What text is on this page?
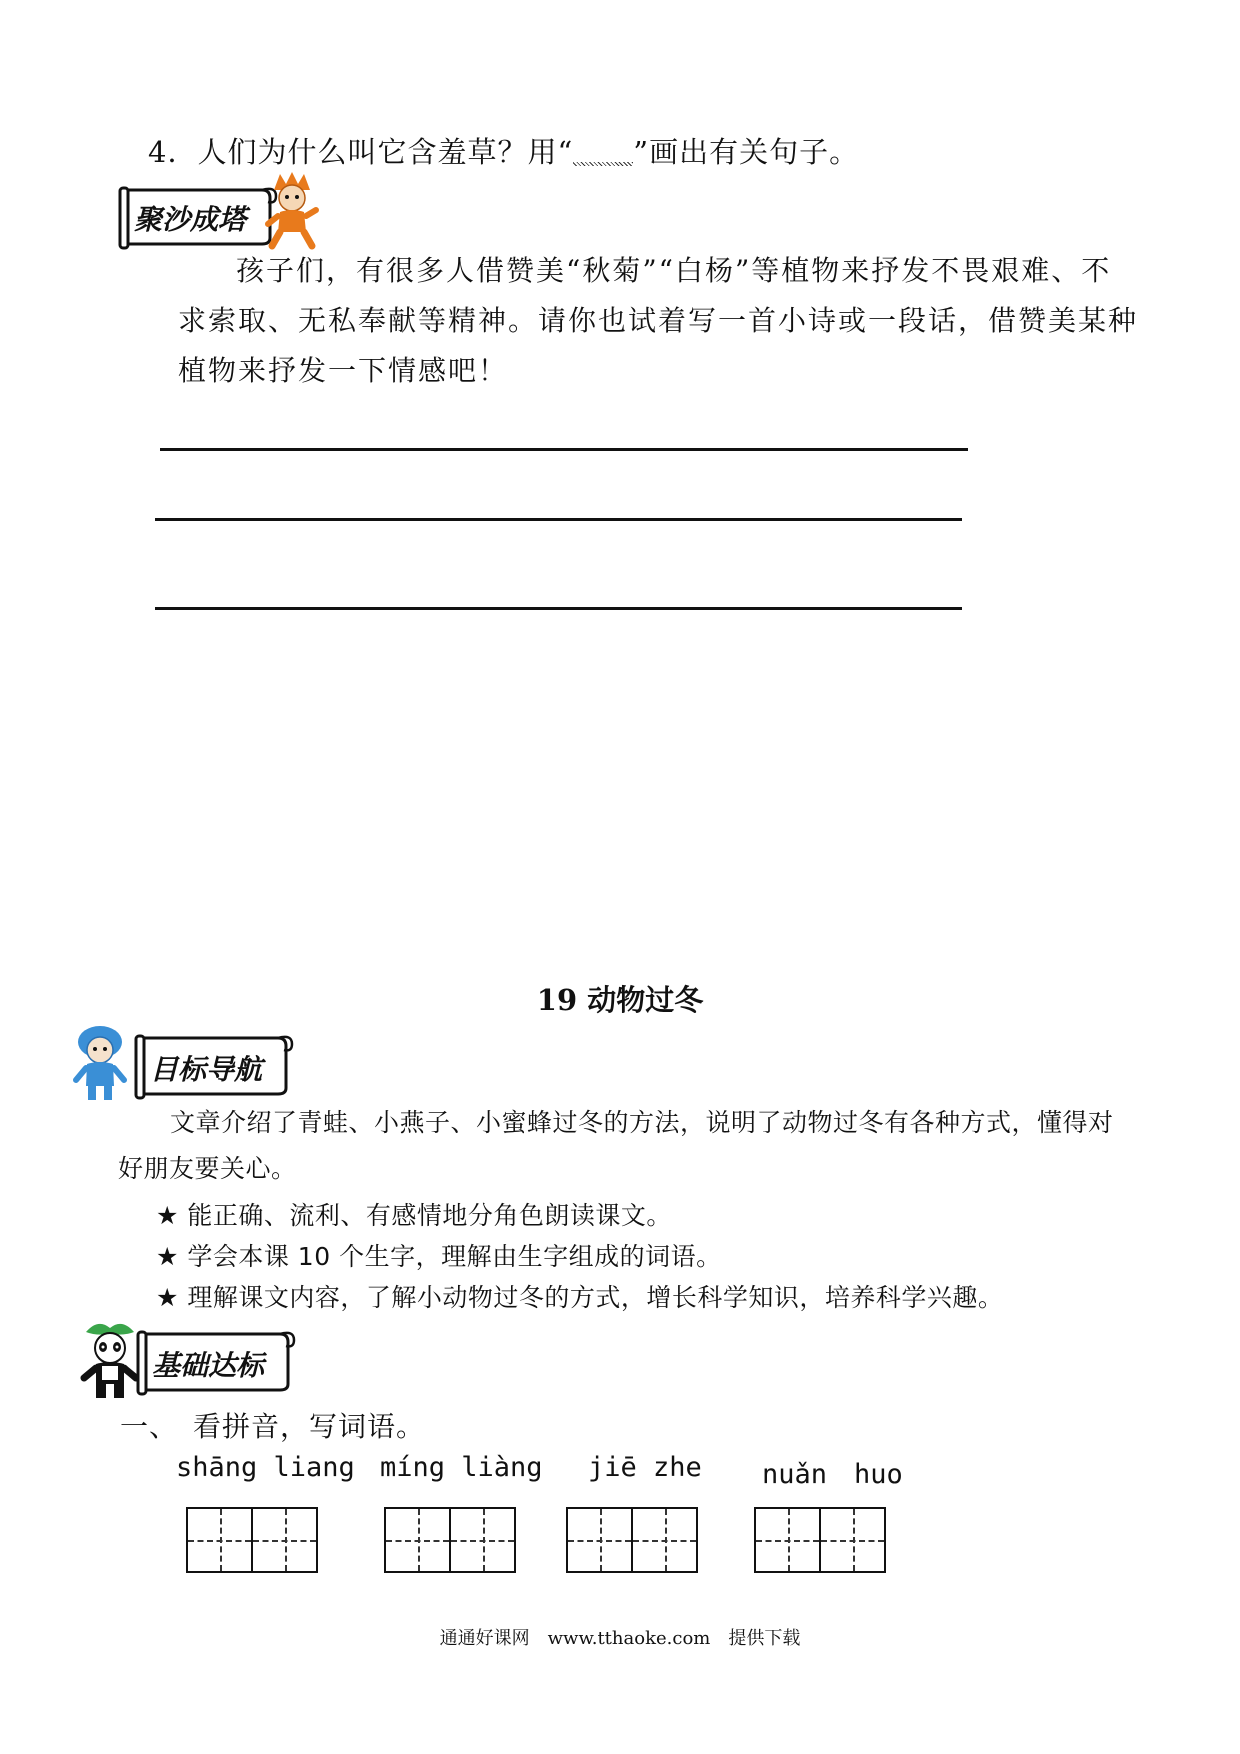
4．人们为什么叫它含羞草？用“ ”画出有关句子。
聚沙成塔
孩子们，有很多人借赞美“秋菊”“白杨”等植物来抒发不畏艰难、不求索取、无私奉献等精神。请你也试着写一首小诗或一段话，借赞美某种植物来抒发一下情感吧！
19 动物过冬
目标导航
文章介绍了青蛙、小燕子、小蜜蜂过冬的方法，说明了动物过冬有各种方式，懂得对好朋友要关心。
★ 能正确、流利、有感情地分角色朗读课文。
★ 学会本课 10 个生字，理解由生字组成的词语。
★ 理解课文内容，了解小动物过冬的方式，增长科学知识，培养科学兴趣。
基础达标
一、　看拼音，写词语。
shāng liang míng liàng jiē zhe nuǎn　huo
通通好课网　www.tthaoke.com　提供下载
